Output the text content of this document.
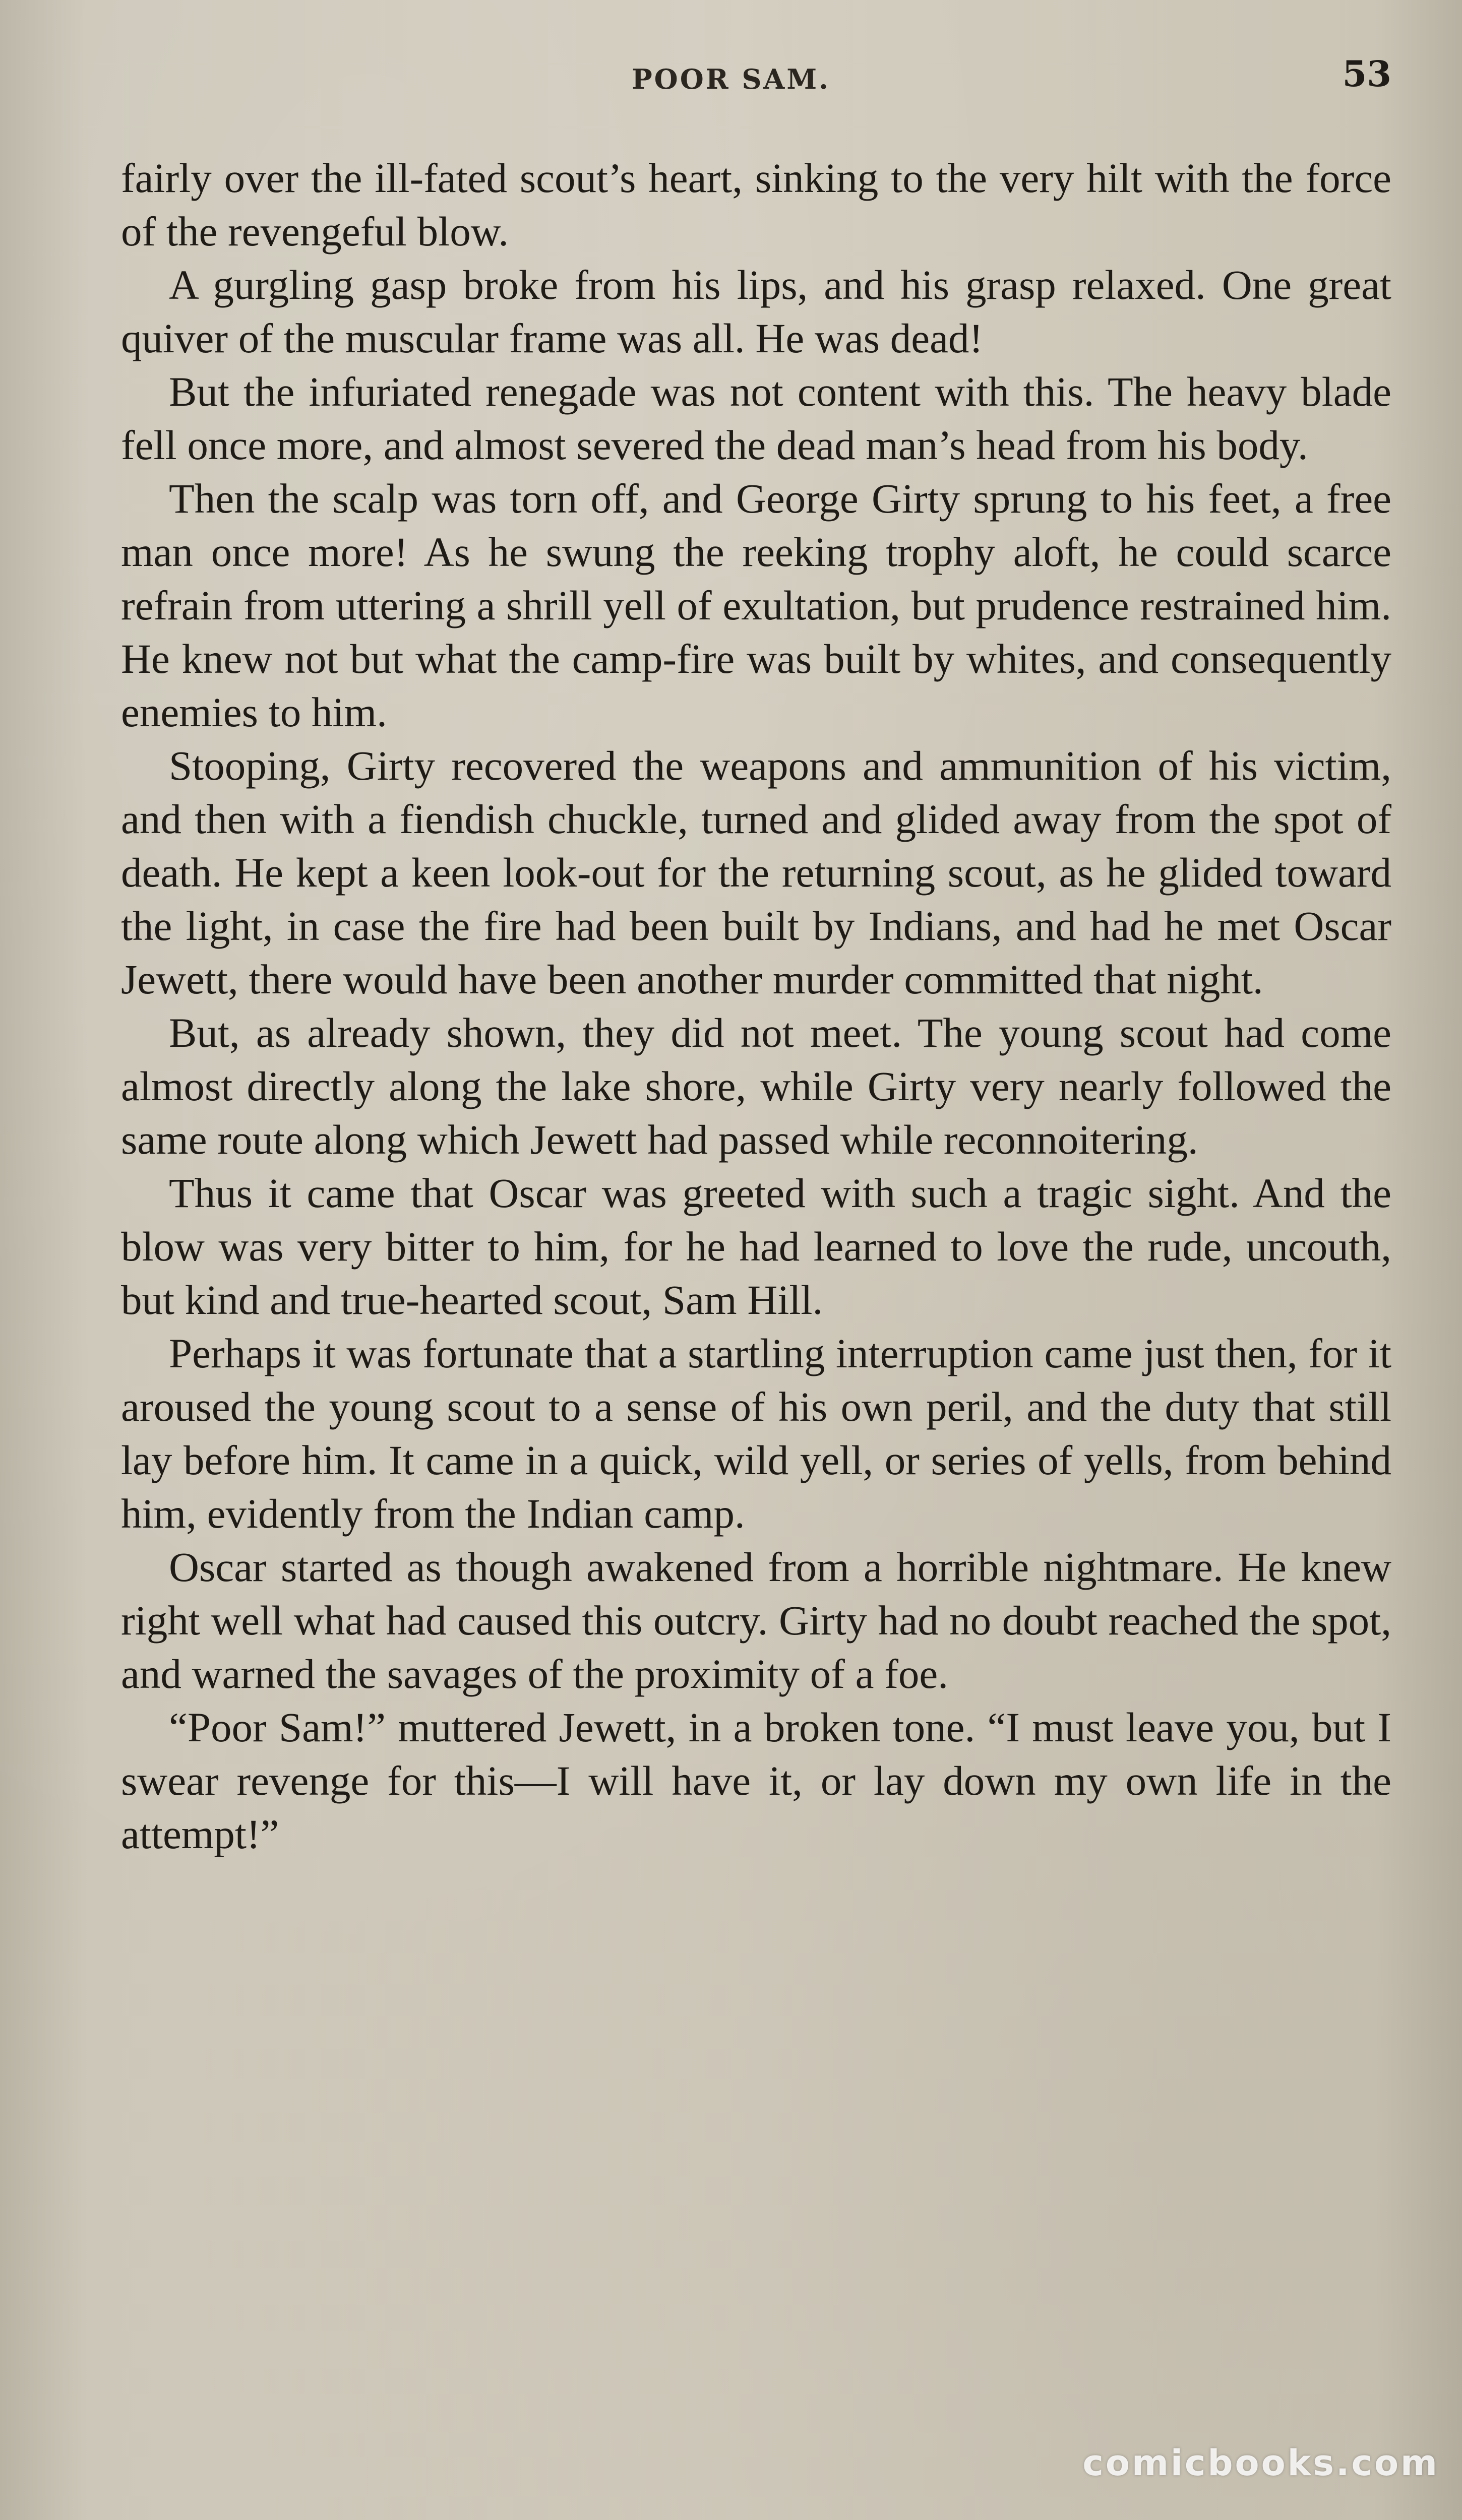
POOR SAM.	53

fairly over the ill-fated scout’s heart, sinking to the very hilt with the force of the revengeful blow.

A gurgling gasp broke from his lips, and his grasp relaxed. One great quiver of the muscular frame was all. He was dead!

But the infuriated renegade was not content with this. The heavy blade fell once more, and almost severed the dead man’s head from his body.

Then the scalp was torn off, and George Girty sprung to his feet, a free man once more! As he swung the reeking trophy aloft, he could scarce refrain from uttering a shrill yell of exultation, but prudence restrained him. He knew not but what the camp-fire was built by whites, and consequently enemies to him.

Stooping, Girty recovered the weapons and ammunition of his victim, and then with a fiendish chuckle, turned and glided away from the spot of death. He kept a keen look-out for the returning scout, as he glided toward the light, in case the fire had been built by Indians, and had he met Oscar Jewett, there would have been another murder committed that night.

But, as already shown, they did not meet. The young scout had come almost directly along the lake shore, while Girty very nearly followed the same route along which Jewett had passed while reconnoitering.

Thus it came that Oscar was greeted with such a tragic sight. And the blow was very bitter to him, for he had learned to love the rude, uncouth, but kind and true-hearted scout, Sam Hill.

Perhaps it was fortunate that a startling interruption came just then, for it aroused the young scout to a sense of his own peril, and the duty that still lay before him. It came in a quick, wild yell, or series of yells, from behind him, evidently from the Indian camp.

Oscar started as though awakened from a horrible nightmare. He knew right well what had caused this outcry. Girty had no doubt reached the spot, and warned the savages of the proximity of a foe.

“Poor Sam!” muttered Jewett, in a broken tone. “I must leave you, but I swear revenge for this—I will have it, or lay down my own life in the attempt!”

comicbooks.com
